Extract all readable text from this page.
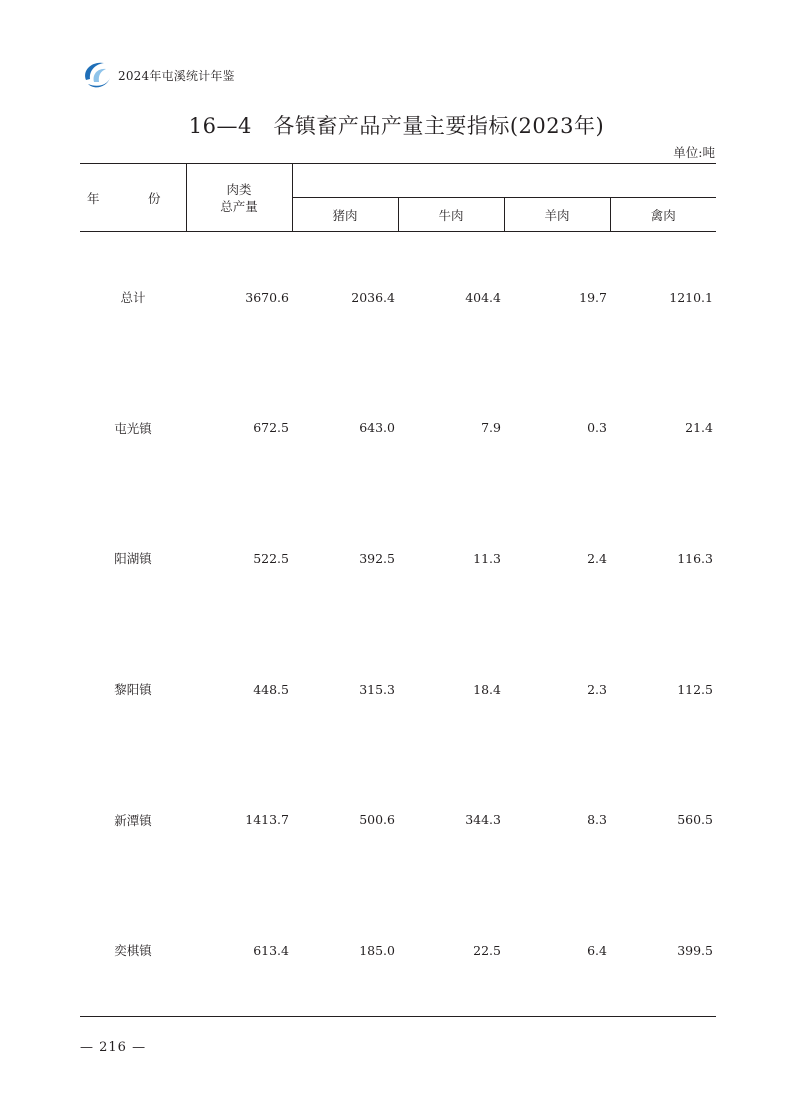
2024年屯溪统计年鉴
16—4　各镇畜产品产量主要指标(2023年)
单位:吨
年　份	肉类
总产量				
		猪肉	牛肉	羊肉	禽肉
总计	3670.6	2036.4	404.4	19.7	1210.1
屯光镇	672.5	643.0	7.9	0.3	21.4
阳湖镇	522.5	392.5	11.3	2.4	116.3
黎阳镇	448.5	315.3	18.4	2.3	112.5
新潭镇	1413.7	500.6	344.3	8.3	560.5
奕棋镇	613.4	185.0	22.5	6.4	399.5
— 216 —
